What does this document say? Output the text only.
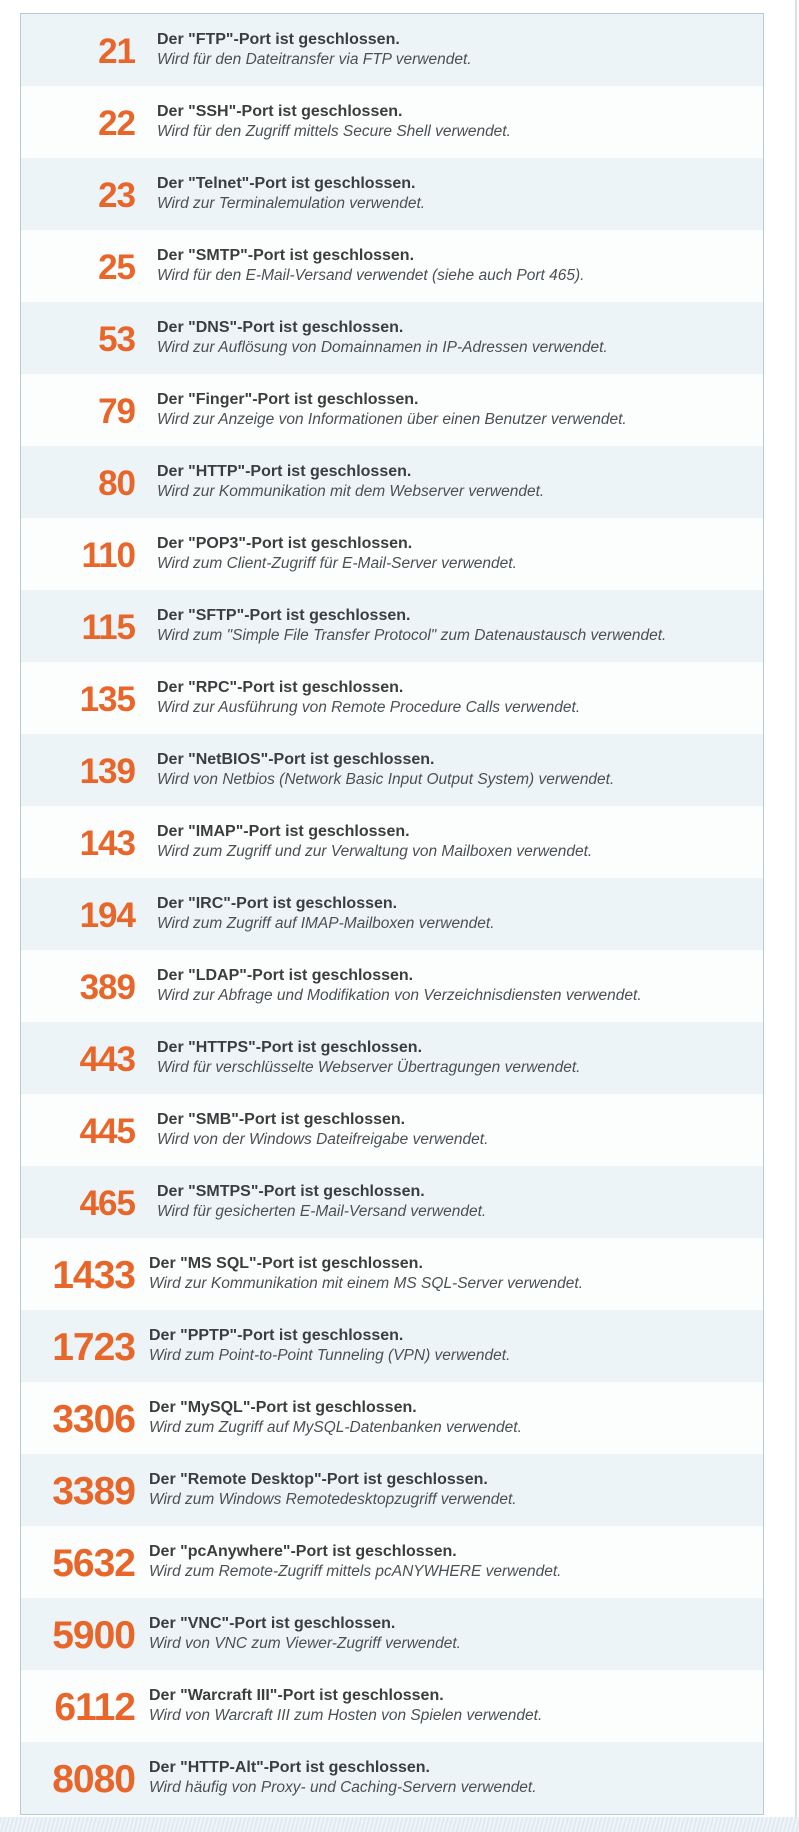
21 Der "FTP"-Port ist geschlossen.
Wird für den Dateitransfer via FTP verwendet.
22 Der "SSH"-Port ist geschlossen.
Wird für den Zugriff mittels Secure Shell verwendet.
23 Der "Telnet"-Port ist geschlossen.
Wird zur Terminalemulation verwendet.
25 Der "SMTP"-Port ist geschlossen.
Wird für den E-Mail-Versand verwendet (siehe auch Port 465).
53 Der "DNS"-Port ist geschlossen.
Wird zur Auflösung von Domainnamen in IP-Adressen verwendet.
79 Der "Finger"-Port ist geschlossen.
Wird zur Anzeige von Informationen über einen Benutzer verwendet.
80 Der "HTTP"-Port ist geschlossen.
Wird zur Kommunikation mit dem Webserver verwendet.
110 Der "POP3"-Port ist geschlossen.
Wird zum Client-Zugriff für E-Mail-Server verwendet.
115 Der "SFTP"-Port ist geschlossen.
Wird zum "Simple File Transfer Protocol" zum Datenaustausch verwendet.
135 Der "RPC"-Port ist geschlossen.
Wird zur Ausführung von Remote Procedure Calls verwendet.
139 Der "NetBIOS"-Port ist geschlossen.
Wird von Netbios (Network Basic Input Output System) verwendet.
143 Der "IMAP"-Port ist geschlossen.
Wird zum Zugriff und zur Verwaltung von Mailboxen verwendet.
194 Der "IRC"-Port ist geschlossen.
Wird zum Zugriff auf IMAP-Mailboxen verwendet.
389 Der "LDAP"-Port ist geschlossen.
Wird zur Abfrage und Modifikation von Verzeichnisdiensten verwendet.
443 Der "HTTPS"-Port ist geschlossen.
Wird für verschlüsselte Webserver Übertragungen verwendet.
445 Der "SMB"-Port ist geschlossen.
Wird von der Windows Dateifreigabe verwendet.
465 Der "SMTPS"-Port ist geschlossen.
Wird für gesicherten E-Mail-Versand verwendet.
1433 Der "MS SQL"-Port ist geschlossen.
Wird zur Kommunikation mit einem MS SQL-Server verwendet.
1723 Der "PPTP"-Port ist geschlossen.
Wird zum Point-to-Point Tunneling (VPN) verwendet.
3306 Der "MySQL"-Port ist geschlossen.
Wird zum Zugriff auf MySQL-Datenbanken verwendet.
3389 Der "Remote Desktop"-Port ist geschlossen.
Wird zum Windows Remotedesktopzugriff verwendet.
5632 Der "pcAnywhere"-Port ist geschlossen.
Wird zum Remote-Zugriff mittels pcANYWHERE verwendet.
5900 Der "VNC"-Port ist geschlossen.
Wird von VNC zum Viewer-Zugriff verwendet.
6112 Der "Warcraft III"-Port ist geschlossen.
Wird von Warcraft III zum Hosten von Spielen verwendet.
8080 Der "HTTP-Alt"-Port ist geschlossen.
Wird häufig von Proxy- und Caching-Servern verwendet.
